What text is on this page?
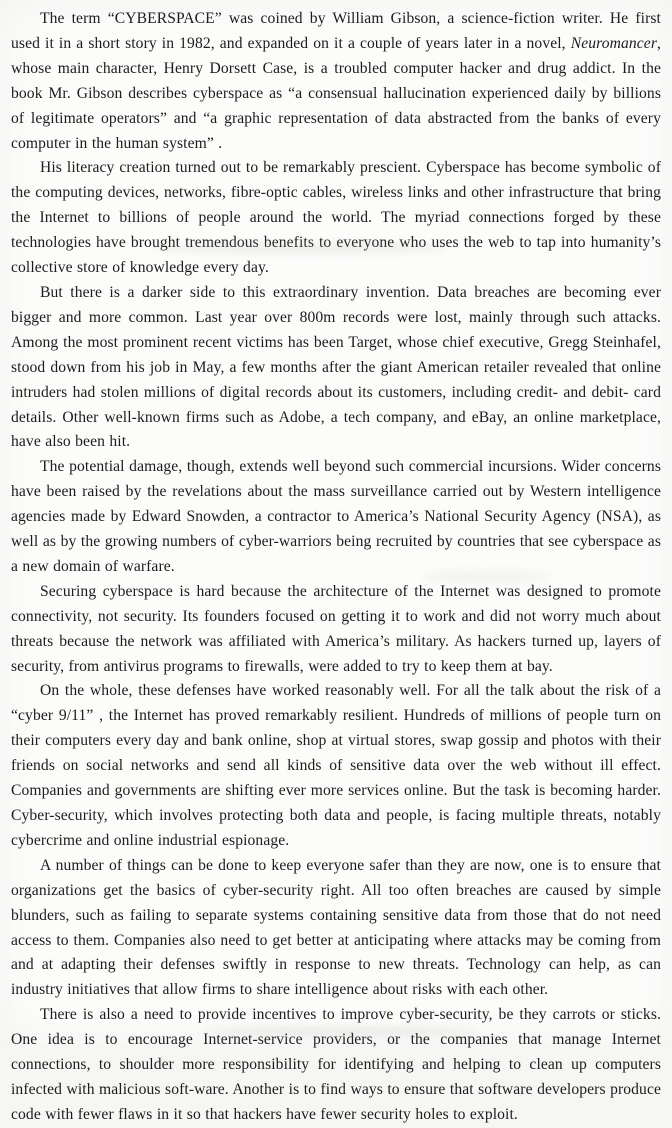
The term “CYBERSPACE” was coined by William Gibson, a science-fiction writer. He first used it in a short story in 1982, and expanded on it a couple of years later in a novel, Neuromancer, whose main character, Henry Dorsett Case, is a troubled computer hacker and drug addict. In the book Mr. Gibson describes cyberspace as “a consensual hallucination experienced daily by billions of legitimate operators” and “a graphic representation of data abstracted from the banks of every computer in the human system” .

His literacy creation turned out to be remarkably prescient. Cyberspace has become symbolic of the computing devices, networks, fibre-optic cables, wireless links and other infrastructure that bring the Internet to billions of people around the world. The myriad connections forged by these technologies have brought tremendous benefits to everyone who uses the web to tap into humanity’s collective store of knowledge every day.

But there is a darker side to this extraordinary invention. Data breaches are becoming ever bigger and more common. Last year over 800m records were lost, mainly through such attacks. Among the most prominent recent victims has been Target, whose chief executive, Gregg Steinhafel, stood down from his job in May, a few months after the giant American retailer revealed that online intruders had stolen millions of digital records about its customers, including credit- and debit- card details. Other well-known firms such as Adobe, a tech company, and eBay, an online marketplace, have also been hit.

The potential damage, though, extends well beyond such commercial incursions. Wider concerns have been raised by the revelations about the mass surveillance carried out by Western intelligence agencies made by Edward Snowden, a contractor to America’s National Security Agency (NSA), as well as by the growing numbers of cyber-warriors being recruited by countries that see cyberspace as a new domain of warfare.

Securing cyberspace is hard because the architecture of the Internet was designed to promote connectivity, not security. Its founders focused on getting it to work and did not worry much about threats because the network was affiliated with America’s military. As hackers turned up, layers of security, from antivirus programs to firewalls, were added to try to keep them at bay.

On the whole, these defenses have worked reasonably well. For all the talk about the risk of a “cyber 9/11” , the Internet has proved remarkably resilient. Hundreds of millions of people turn on their computers every day and bank online, shop at virtual stores, swap gossip and photos with their friends on social networks and send all kinds of sensitive data over the web without ill effect. Companies and governments are shifting ever more services online. But the task is becoming harder. Cyber-security, which involves protecting both data and people, is facing multiple threats, notably cybercrime and online industrial espionage.

A number of things can be done to keep everyone safer than they are now, one is to ensure that organizations get the basics of cyber-security right. All too often breaches are caused by simple blunders, such as failing to separate systems containing sensitive data from those that do not need access to them. Companies also need to get better at anticipating where attacks may be coming from and at adapting their defenses swiftly in response to new threats. Technology can help, as can industry initiatives that allow firms to share intelligence about risks with each other.

There is also a need to provide incentives to improve cyber-security, be they carrots or sticks. One idea is to encourage Internet-service providers, or the companies that manage Internet connections, to shoulder more responsibility for identifying and helping to clean up computers infected with malicious soft-ware. Another is to find ways to ensure that software developers produce code with fewer flaws in it so that hackers have fewer security holes to exploit.
